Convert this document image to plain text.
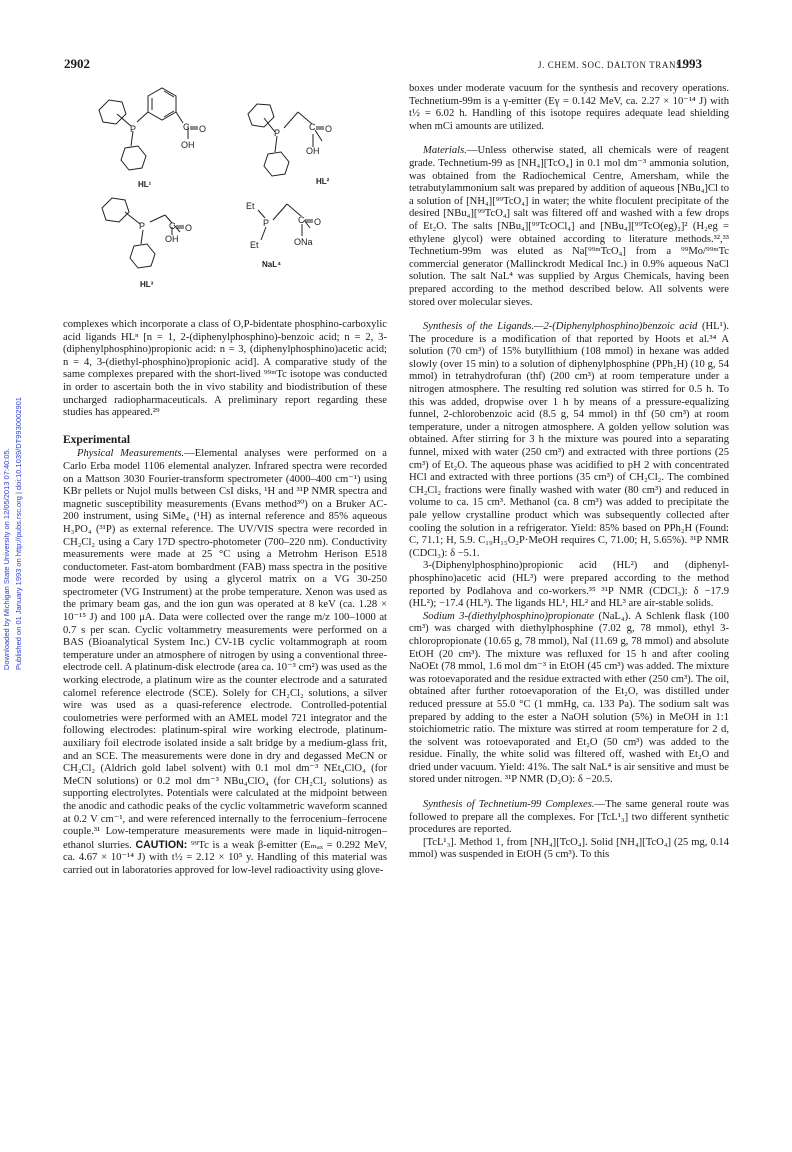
2902	J. CHEM. SOC. DALTON TRANS.
1993
Downloaded by Michigan State University on 12/05/2013 07:40:05. Published on 01 January 1993 on http://pubs.rsc.org | doi:10.1039/DT9930002901
P	C O
OH
HL¹
P
C O
OH
HL²
P	C O
OH
HL³
Et
P
Et
C O
ONa
NaL⁴

complexes which incorporate a class of O,P-bidentate phosphino-carboxylic acid ligands HLⁿ [n = 1, 2-(diphenylphosphino)-benzoic acid; n = 2, 3-(diphenylphosphino)propionic acid: n = 3, (diphenylphosphino)acetic acid; n = 4, 3-(diethyl-phosphino)propionic acid]. A comparative study of the same complexes prepared with the short-lived ⁹⁹ᵐTc isotope was conducted in order to ascertain both the in vivo stability and biodistribution of these uncharged radiopharmaceuticals. A preliminary report regarding these studies has appeared.²⁹

Experimental

Physical Measurements.—Elemental analyses were performed on a Carlo Erba model 1106 elemental analyzer. Infrared spectra were recorded on a Mattson 3030 Fourier-transform spectrometer (4000–400 cm⁻¹) using KBr pellets or Nujol mulls between CsI disks, ¹H and ³¹P NMR spectra and magnetic susceptibility measurements (Evans method³⁰) on a Bruker AC-200 instrument, using SiMe₄ (¹H) as internal reference and 85% aqueous H₃PO₄ (³¹P) as external reference. The UV/VIS spectra were recorded in CH₂Cl₂ using a Cary 17D spectro-photometer (700–220 nm). Conductivity measurements were made at 25 °C using a Metrohm Herison E518 conductometer. Fast-atom bombardment (FAB) mass spectra in the positive mode were recorded by using a glycerol matrix on a VG 30-250 spectrometer (VG Instrument) at the probe temperature. Xenon was used as the primary beam gas, and the ion gun was operated at 8 keV (ca. 1.28 × 10⁻¹⁵ J) and 100 μA. Data were collected over the range m/z 100–1000 at 0.7 s per scan. Cyclic voltammetry measurements were performed on a BAS (Bioanalytical System Inc.) CV-1B cyclic voltammograph at room temperature under an atmosphere of nitrogen by using a conventional three-electrode cell. A platinum-disk electrode (area ca. 10⁻³ cm²) was used as the working electrode, a platinum wire as the counter electrode and a saturated calomel reference electrode (SCE). Solely for CH₂Cl₂ solutions, a silver wire was used as a quasi-reference electrode. Controlled-potential coulometries were performed with an AMEL model 721 integrator and the following electrodes: platinum-spiral wire working electrode, platinum-auxiliary foil electrode isolated inside a salt bridge by a medium-glass frit, and an SCE. The measurements were done in dry and degassed MeCN or CH₂Cl₂ (Aldrich gold label solvent) with 0.1 mol dm⁻³ NEt₄ClO₄ (for MeCN solutions) or 0.2 mol dm⁻³ NBu₄ClO₄ (for CH₂Cl₂ solutions) as supporting electrolytes. Potentials were calculated at the midpoint between the anodic and cathodic peaks of the cyclic voltammetric waveform scanned at 0.2 V cm⁻¹, and were referenced internally to the ferrocenium–ferrocene couple.³¹ Low-temperature measurements were made in liquid-nitrogen–ethanol slurries. CAUTION: ⁹⁹Tc is a weak β-emitter (Eₘₐₓ = 0.292 MeV, ca. 4.67 × 10⁻¹⁴ J) with t½ = 2.12 × 10⁵ y. Handling of this material was carried out in laboratories approved for low-level radioactivity using glove-

boxes under moderate vacuum for the synthesis and recovery operations. Technetium-99m is a γ-emitter (Eγ = 0.142 MeV, ca. 2.27 × 10⁻¹⁴ J) with t½ = 6.02 h. Handling of this isotope requires adequate lead shielding when mCi amounts are utilized.

Materials.—Unless otherwise stated, all chemicals were of reagent grade. Technetium-99 as [NH₄][TcO₄] in 0.1 mol dm⁻³ ammonia solution, was obtained from the Radiochemical Centre, Amersham, while the tetrabutylammonium salt was prepared by addition of aqueous [NBu₄]Cl to a solution of [NH₄][⁹⁹TcO₄] in water; the white floculent precipitate of the desired [NBu₄][⁹⁹TcO₄] salt was filtered off and washed with a few drops of Et₂O. The salts [NBu₄][⁹⁹TcOCl₄] and [NBu₄][⁹⁹TcO(eg)₂]² (H₂eg = ethylene glycol) were obtained according to literature methods.³²,³³ Technetium-99m was eluted as Na[⁹⁹ᵐTcO₄] from a ⁹⁹Mo/⁹⁹ᵐTc commercial generator (Mallinckrodt Medical Inc.) in 0.9% aqueous NaCl solution. The salt NaL⁴ was supplied by Argus Chemicals, having been prepared according to the method described below. All solvents were stored over molecular sieves.

Synthesis of the Ligands.—2-(Diphenylphosphino)benzoic acid (HL¹). The procedure is a modification of that reported by Hoots et al.³⁴ A solution (70 cm³) of 15% butyllithium (108 mmol) in hexane was added slowly (over 15 min) to a solution of diphenylphosphine (PPh₂H) (10 g, 54 mmol) in tetrahydrofuran (thf) (200 cm³) at room temperature under a nitrogen atmosphere. The resulting red solution was stirred for 0.5 h. To this was added, dropwise over 1 h by means of a pressure-equalizing funnel, 2-chlorobenzoic acid (8.5 g, 54 mmol) in thf (50 cm³) at room temperature, under a nitrogen atmosphere. A golden yellow solution was obtained. After stirring for 3 h the mixture was poured into a separating funnel, mixed with water (250 cm³) and extracted with three portions (25 cm³) of Et₂O. The aqueous phase was acidified to pH 2 with concentrated HCl and extracted with three portions (35 cm³) of CH₂Cl₂. The combined CH₂Cl₂ fractions were finally washed with water (80 cm³) and reduced in volume to ca. 15 cm³. Methanol (ca. 8 cm³) was added to precipitate the pale yellow crystalline product which was subsequently collected after cooling the solution in a refrigerator. Yield: 85% based on PPh₂H (Found: C, 71.1; H, 5.9. C₁₉H₁₅O₂P·MeOH requires C, 71.00; H, 5.65%). ³¹P NMR (CDCl₃): δ −5.1.

3-(Diphenylphosphino)propionic acid (HL²) and (diphenyl-phosphino)acetic acid (HL³) were prepared according to the method reported by Podlahova and co-workers.³⁵ ³¹P NMR (CDCl₃): δ −17.9 (HL²); −17.4 (HL³). The ligands HL¹, HL² and HL³ are air-stable solids.

Sodium 3-(diethylphosphino)propionate (NaL₄). A Schlenk flask (100 cm³) was charged with diethylphosphine (7.02 g, 78 mmol), ethyl 3-chloropropionate (10.65 g, 78 mmol), NaI (11.69 g, 78 mmol) and absolute EtOH (20 cm³). The mixture was refluxed for 15 h and after cooling NaOEt (78 mmol, 1.6 mol dm⁻³ in EtOH (45 cm³) was added. The mixture was rotoevaporated and the residue extracted with ether (250 cm³). The oil, obtained after further rotoevaporation of the Et₂O, was distilled under reduced pressure at 55.0 °C (1 mmHg, ca. 133 Pa). The sodium salt was prepared by adding to the ester a NaOH solution (5%) in MeOH in 1:1 stoichiometric ratio. The mixture was stirred at room temperature for 2 d, the solvent was rotoevaporated and Et₂O (50 cm³) was added to the residue. Finally, the white solid was filtered off, washed with Et₂O and dried under vacuum. Yield: 41%. The salt NaL⁴ is air sensitive and must be stored under nitrogen. ³¹P NMR (D₂O): δ −20.5.

Synthesis of Technetium-99 Complexes.—The same general route was followed to prepare all the complexes. For [TcL¹₃] two different synthetic procedures are reported.

[TcL¹₃]. Method 1, from [NH₄][TcO₄]. Solid [NH₄][TcO₄] (25 mg, 0.14 mmol) was suspended in EtOH (5 cm³). To this
